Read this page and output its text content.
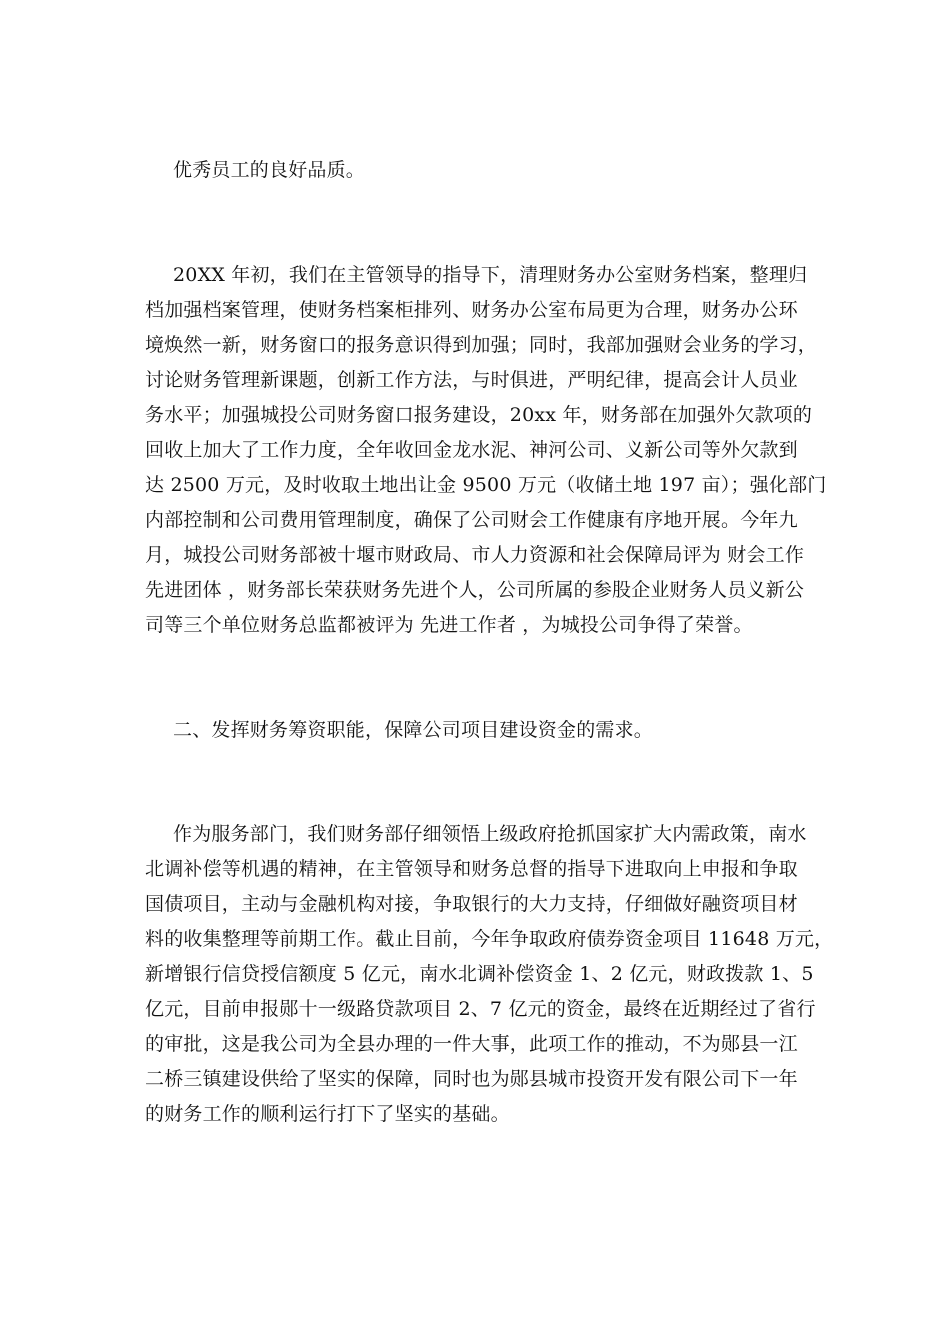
优秀员工的良好品质。
20XX 年初，我们在主管领导的指导下，清理财务办公室财务档案，整理归
档加强档案管理，使财务档案柜排列、财务办公室布局更为合理，财务办公环
境焕然一新，财务窗口的报务意识得到加强；同时，我部加强财会业务的学习，
讨论财务管理新课题，创新工作方法，与时俱进，严明纪律，提高会计人员业
务水平；加强城投公司财务窗口报务建设，20xx 年，财务部在加强外欠款项的
回收上加大了工作力度，全年收回金龙水泥、神河公司、义新公司等外欠款到
达 2500 万元，及时收取土地出让金 9500 万元（收储土地 197 亩）；强化部门
内部控制和公司费用管理制度，确保了公司财会工作健康有序地开展。今年九
月，城投公司财务部被十堰市财政局、市人力资源和社会保障局评为 财会工作
先进团体 ，财务部长荣获财务先进个人，公司所属的参股企业财务人员义新公
司等三个单位财务总监都被评为 先进工作者 ，为城投公司争得了荣誉。
二、发挥财务筹资职能，保障公司项目建设资金的需求。
作为服务部门，我们财务部仔细领悟上级政府抢抓国家扩大内需政策，南水
北调补偿等机遇的精神，在主管领导和财务总督的指导下进取向上申报和争取
国债项目，主动与金融机构对接，争取银行的大力支持，仔细做好融资项目材
料的收集整理等前期工作。截止目前，今年争取政府债券资金项目 11648 万元，
新增银行信贷授信额度 5 亿元，南水北调补偿资金 1、2 亿元，财政拨款 1、5
亿元，目前申报郧十一级路贷款项目 2、7 亿元的资金，最终在近期经过了省行
的审批，这是我公司为全县办理的一件大事，此项工作的推动，不为郧县一江
二桥三镇建设供给了坚实的保障，同时也为郧县城市投资开发有限公司下一年
的财务工作的顺利运行打下了坚实的基础。
